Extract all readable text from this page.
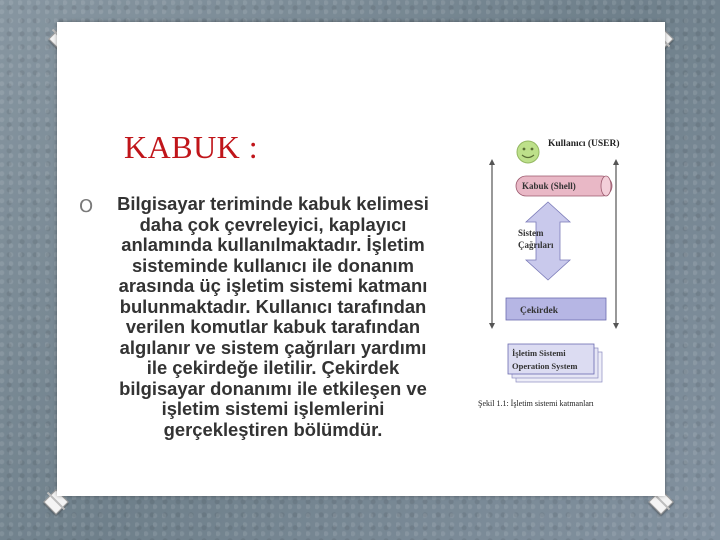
KABUK :
O	Bilgisayar teriminde kabuk kelimesi
daha çok çevreleyici, kaplayıcı
anlamında kullanılmaktadır. İşletim
sisteminde kullanıcı ile donanım
arasında üç işletim sistemi katmanı
bulunmaktadır. Kullanıcı tarafından
verilen komutlar kabuk tarafından
algılanır ve sistem çağrıları yardımı
ile çekirdeğe iletilir. Çekirdek
bilgisayar donanımı ile etkileşen ve
işletim sistemi işlemlerini
gerçekleştiren bölümdür.
Kullanıcı (USER)
Kabuk (Shell)
Sistem
Çağrıları
Çekirdek
İşletim Sistemi
Operation System
Şekil 1.1: İşletim sistemi katmanları
